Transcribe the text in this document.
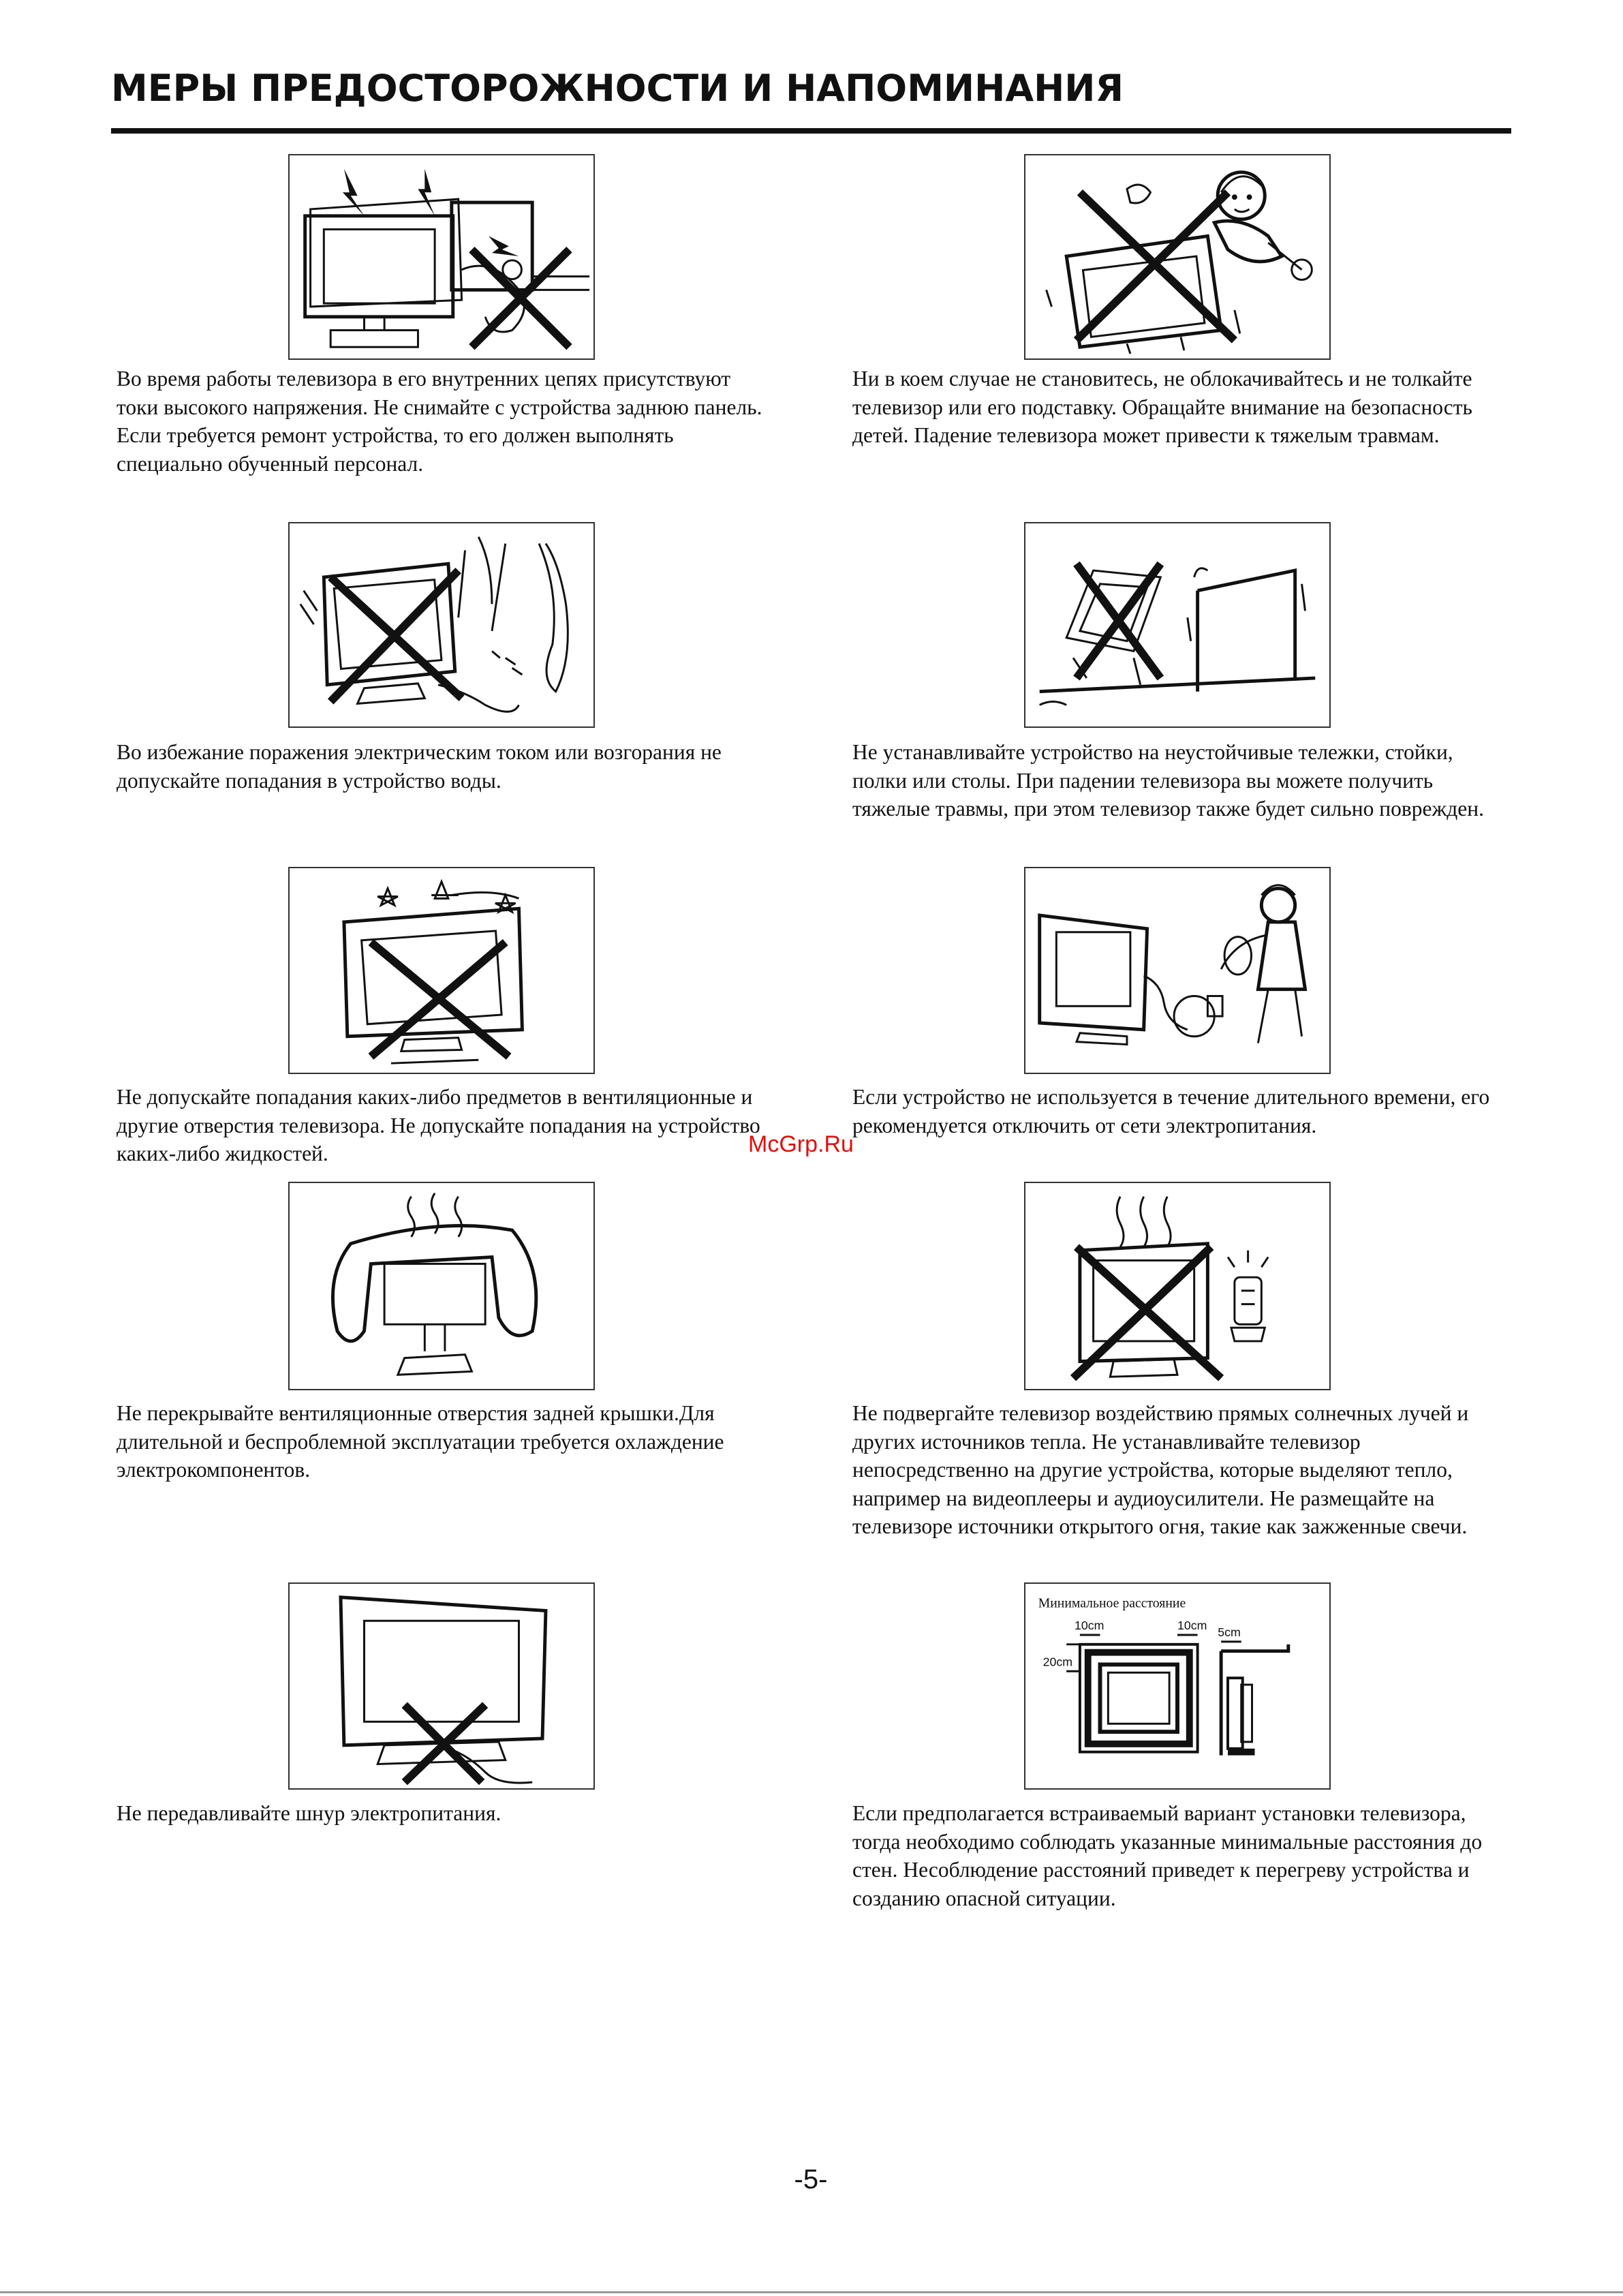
МЕРЫ ПРЕДОСТОРОЖНОСТИ И НАПОМИНАНИЯ
Во время работы телевизора в его внутренних цепях присутствуют токи высокого напряжения. Не снимайте с устройства заднюю панель. Если требуется ремонт устройства, то его должен выполнять специально обученный персонал.
Ни в коем случае не становитесь, не облокачивайтесь и не толкайте телевизор или его подставку. Обращайте внимание на безопасность детей. Падение телевизора может привести к тяжелым травмам.
Во избежание поражения электрическим током или возгорания не допускайте попадания в устройство воды.
Не устанавливайте устройство на неустойчивые тележки, стойки, полки или столы. При падении телевизора вы можете получить тяжелые травмы, при этом телевизор также будет сильно поврежден.
Не допускайте попадания каких-либо предметов в вентиляционные и другие отверстия телевизора. Не допускайте попадания на устройство каких-либо жидкостей.
Если устройство не используется в течение длительного времени, его рекомендуется отключить от сети электропитания.
Не перекрывайте вентиляционные отверстия задней крышки.Для длительной и беспроблемной эксплуатации требуется охлаждение электрокомпонентов.
Не подвергайте телевизор воздействию прямых солнечных лучей и других источников тепла. Не устанавливайте телевизор непосредственно на другие устройства, которые выделяют тепло, например на видеоплееры и аудиоусилители. Не размещайте на телевизоре источники открытого огня, такие как зажженные свечи.
Не передавливайте шнур электропитания.
Минимальное расстояние
10cm	10cm 5cm
20cm
Если предполагается встраиваемый вариант установки телевизора, тогда необходимо соблюдать указанные минимальные расстояния до стен. Несоблюдение расстояний приведет к перегреву устройства и созданию опасной ситуации.
McGrp.Ru
-5-
